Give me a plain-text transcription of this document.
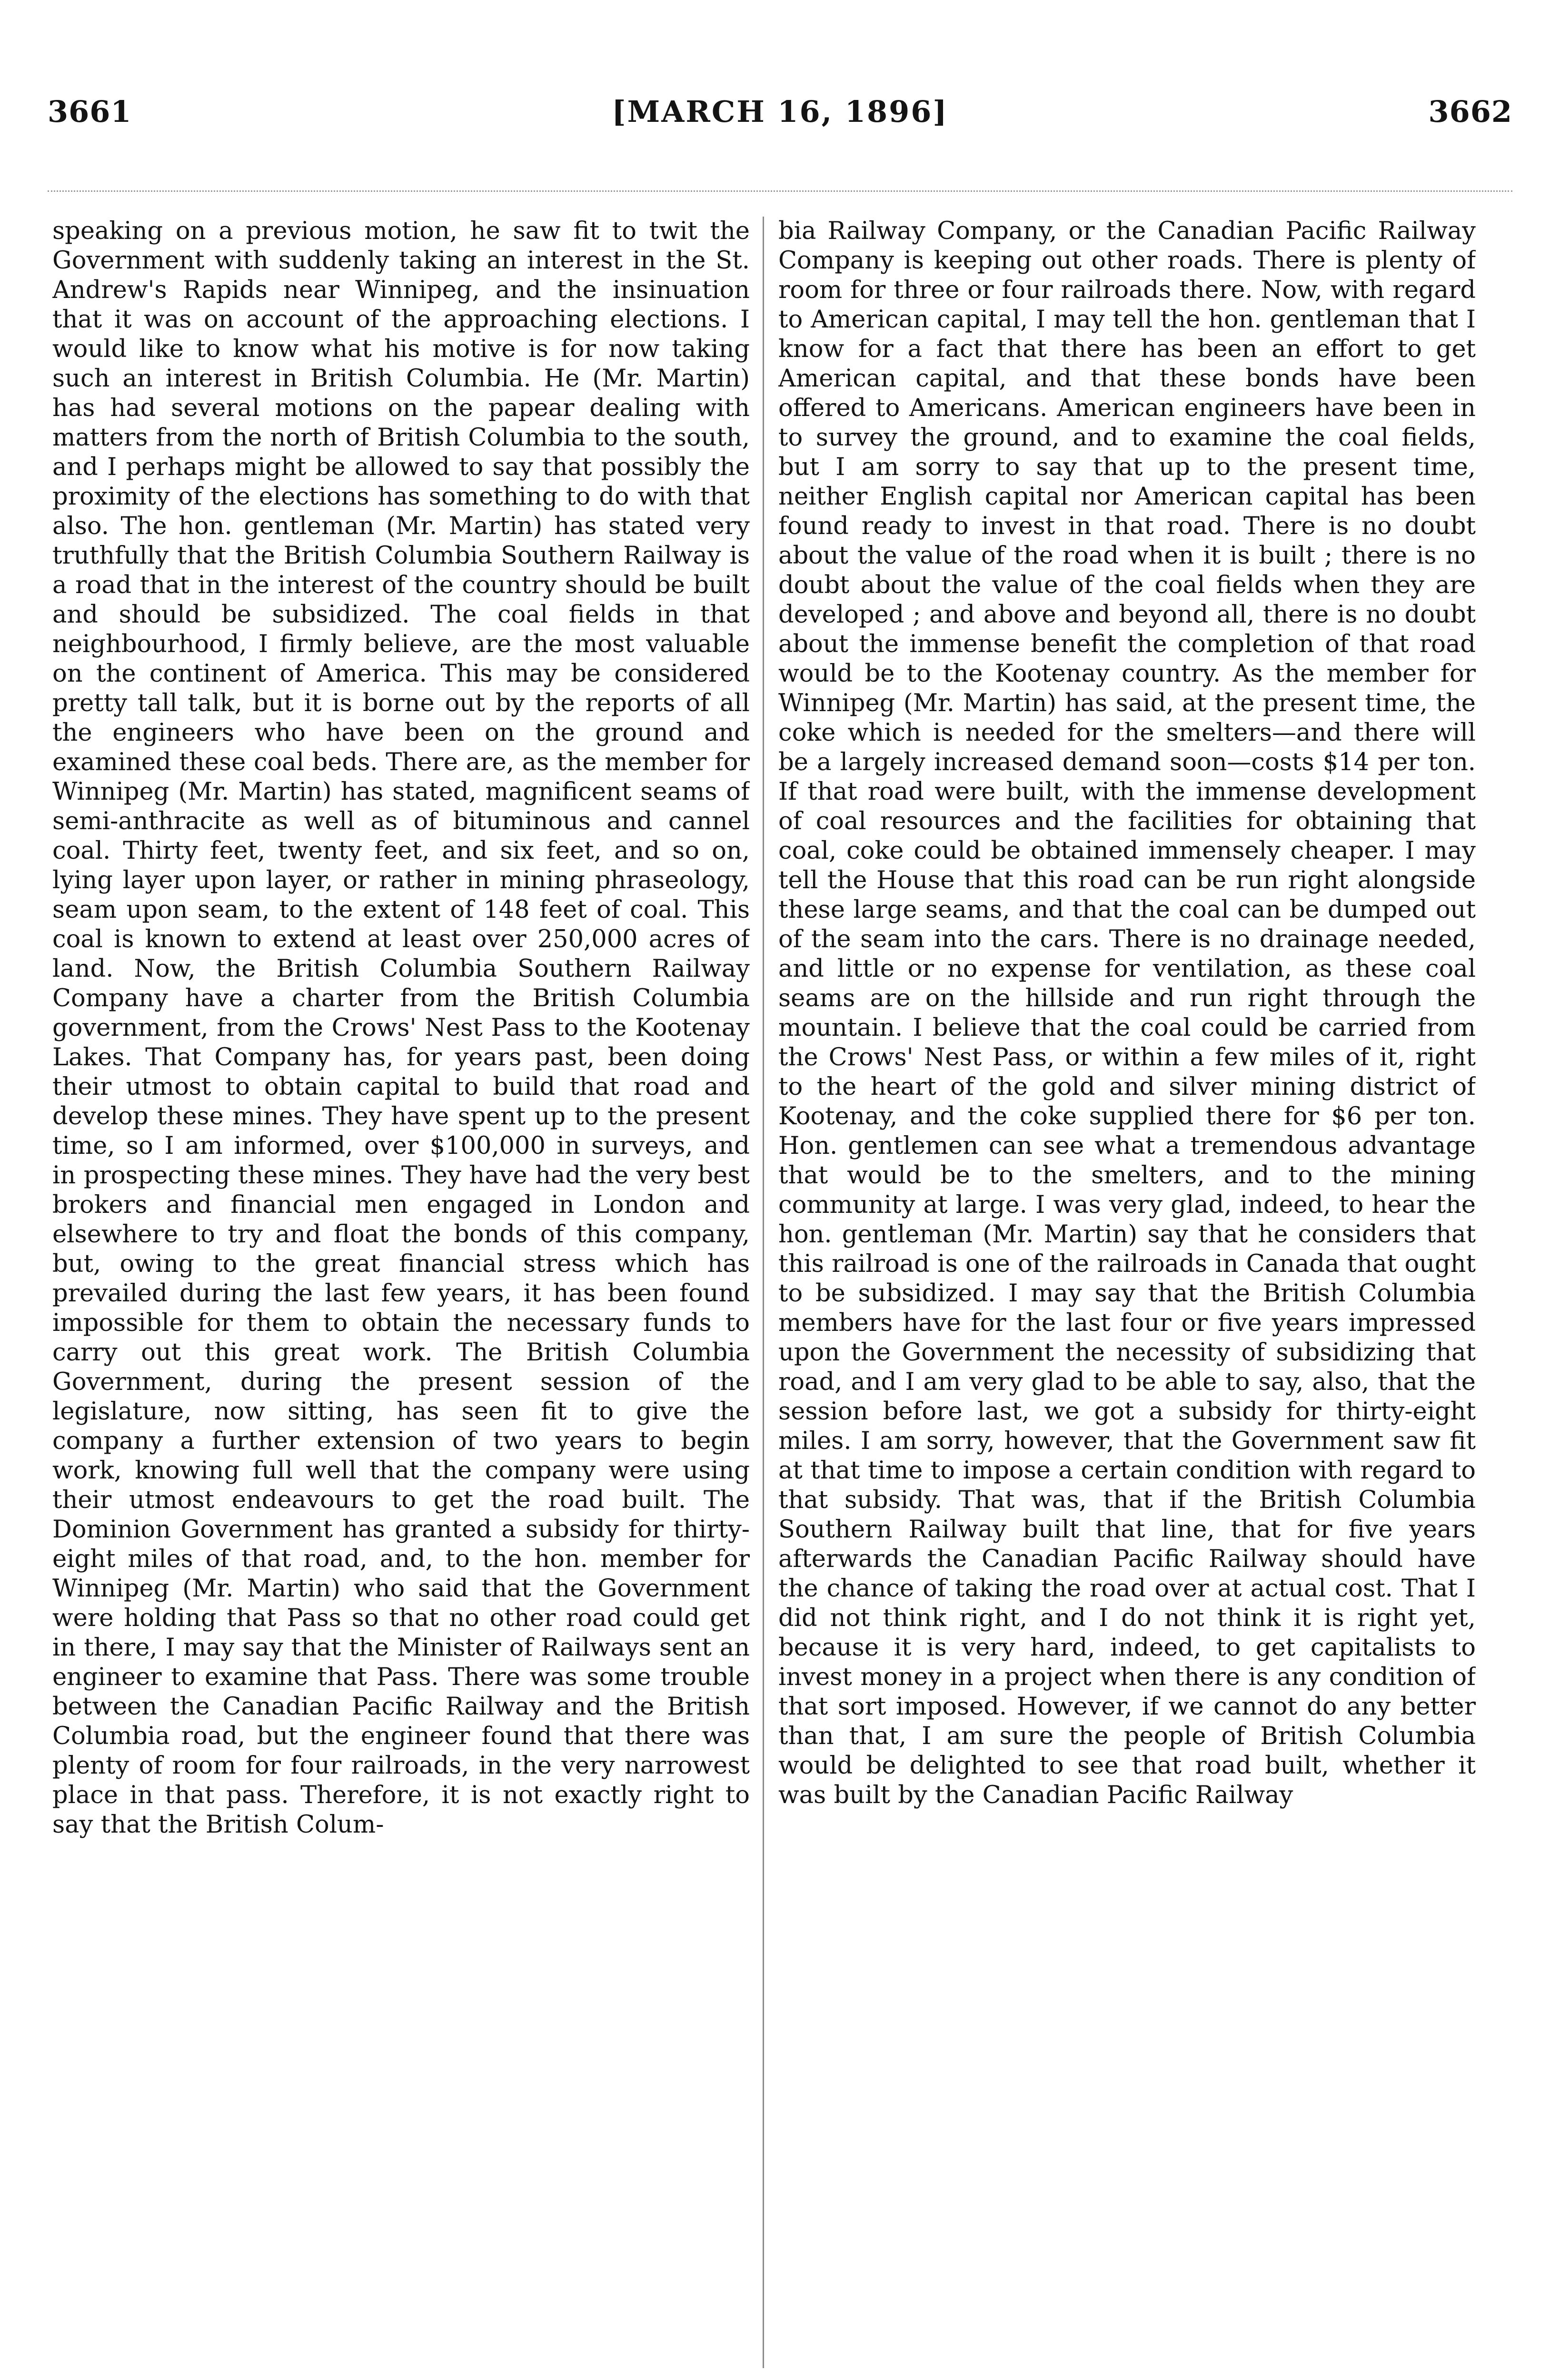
3661	[MARCH 16, 1896]	3662

speaking on a previous motion, he saw fit to twit the Government with suddenly taking an interest in the St. Andrew's Rapids near Winnipeg, and the insinuation that it was on account of the approaching elections. I would like to know what his motive is for now taking such an interest in British Columbia. He (Mr. Martin) has had several motions on the papear dealing with matters from the north of British Columbia to the south, and I perhaps might be allowed to say that possibly the proximity of the elections has something to do with that also. The hon. gentleman (Mr. Martin) has stated very truthfully that the British Columbia Southern Railway is a road that in the interest of the country should be built and should be subsidized. The coal fields in that neighbourhood, I firmly believe, are the most valuable on the continent of America. This may be considered pretty tall talk, but it is borne out by the reports of all the engineers who have been on the ground and examined these coal beds. There are, as the member for Winnipeg (Mr. Martin) has stated, magnificent seams of semi-anthracite as well as of bituminous and cannel coal. Thirty feet, twenty feet, and six feet, and so on, lying layer upon layer, or rather in mining phraseology, seam upon seam, to the extent of 148 feet of coal. This coal is known to extend at least over 250,000 acres of land. Now, the British Columbia Southern Railway Company have a charter from the British Columbia government, from the Crows' Nest Pass to the Kootenay Lakes. That Company has, for years past, been doing their utmost to obtain capital to build that road and develop these mines. They have spent up to the present time, so I am informed, over $100,000 in surveys, and in prospecting these mines. They have had the very best brokers and financial men engaged in London and elsewhere to try and float the bonds of this company, but, owing to the great financial stress which has prevailed during the last few years, it has been found impossible for them to obtain the necessary funds to carry out this great work. The British Columbia Government, during the present session of the legislature, now sitting, has seen fit to give the company a further extension of two years to begin work, knowing full well that the company were using their utmost endeavours to get the road built. The Dominion Government has granted a subsidy for thirty-eight miles of that road, and, to the hon. member for Winnipeg (Mr. Martin) who said that the Government were holding that Pass so that no other road could get in there, I may say that the Minister of Railways sent an engineer to examine that Pass. There was some trouble between the Canadian Pacific Railway and the British Columbia road, but the engineer found that there was plenty of room for four railroads, in the very narrowest place in that pass. Therefore, it is not exactly right to say that the British Colum-

bia Railway Company, or the Canadian Pacific Railway Company is keeping out other roads. There is plenty of room for three or four railroads there. Now, with regard to American capital, I may tell the hon. gentleman that I know for a fact that there has been an effort to get American capital, and that these bonds have been offered to Americans. American engineers have been in to survey the ground, and to examine the coal fields, but I am sorry to say that up to the present time, neither English capital nor American capital has been found ready to invest in that road. There is no doubt about the value of the road when it is built ; there is no doubt about the value of the coal fields when they are developed ; and above and beyond all, there is no doubt about the immense benefit the completion of that road would be to the Kootenay country. As the member for Winnipeg (Mr. Martin) has said, at the present time, the coke which is needed for the smelters—and there will be a largely increased demand soon—costs $14 per ton. If that road were built, with the immense development of coal resources and the facilities for obtaining that coal, coke could be obtained immensely cheaper. I may tell the House that this road can be run right alongside these large seams, and that the coal can be dumped out of the seam into the cars. There is no drainage needed, and little or no expense for ventilation, as these coal seams are on the hillside and run right through the mountain. I believe that the coal could be carried from the Crows' Nest Pass, or within a few miles of it, right to the heart of the gold and silver mining district of Kootenay, and the coke supplied there for $6 per ton. Hon. gentlemen can see what a tremendous advantage that would be to the smelters, and to the mining community at large. I was very glad, indeed, to hear the hon. gentleman (Mr. Martin) say that he considers that this railroad is one of the railroads in Canada that ought to be subsidized. I may say that the British Columbia members have for the last four or five years impressed upon the Government the necessity of subsidizing that road, and I am very glad to be able to say, also, that the session before last, we got a subsidy for thirty-eight miles. I am sorry, however, that the Government saw fit at that time to impose a certain condition with regard to that subsidy. That was, that if the British Columbia Southern Railway built that line, that for five years afterwards the Canadian Pacific Railway should have the chance of taking the road over at actual cost. That I did not think right, and I do not think it is right yet, because it is very hard, indeed, to get capitalists to invest money in a project when there is any condition of that sort imposed. However, if we cannot do any better than that, I am sure the people of British Columbia would be delighted to see that road built, whether it was built by the Canadian Pacific Railway
